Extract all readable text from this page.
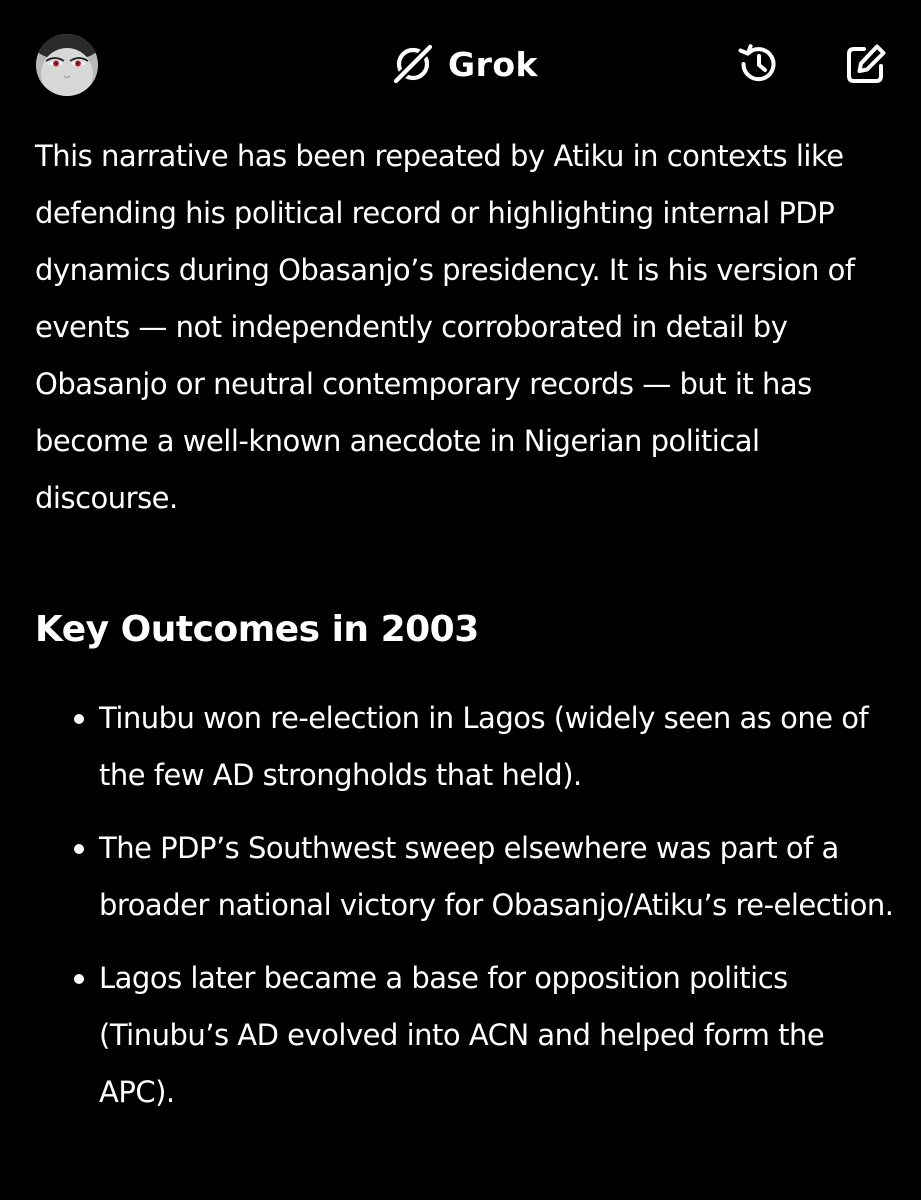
Grok

This narrative has been repeated by Atiku in contexts like defending his political record or highlighting internal PDP dynamics during Obasanjo’s presidency. It is his version of events — not independently corroborated in detail by Obasanjo or neutral contemporary records — but it has become a well-known anecdote in Nigerian political discourse.

Key Outcomes in 2003
Tinubu won re-election in Lagos (widely seen as one of the few AD strongholds that held).
The PDP’s Southwest sweep elsewhere was part of a broader national victory for Obasanjo/Atiku’s re-election.
Lagos later became a base for opposition politics (Tinubu’s AD evolved into ACN and helped form the APC).
